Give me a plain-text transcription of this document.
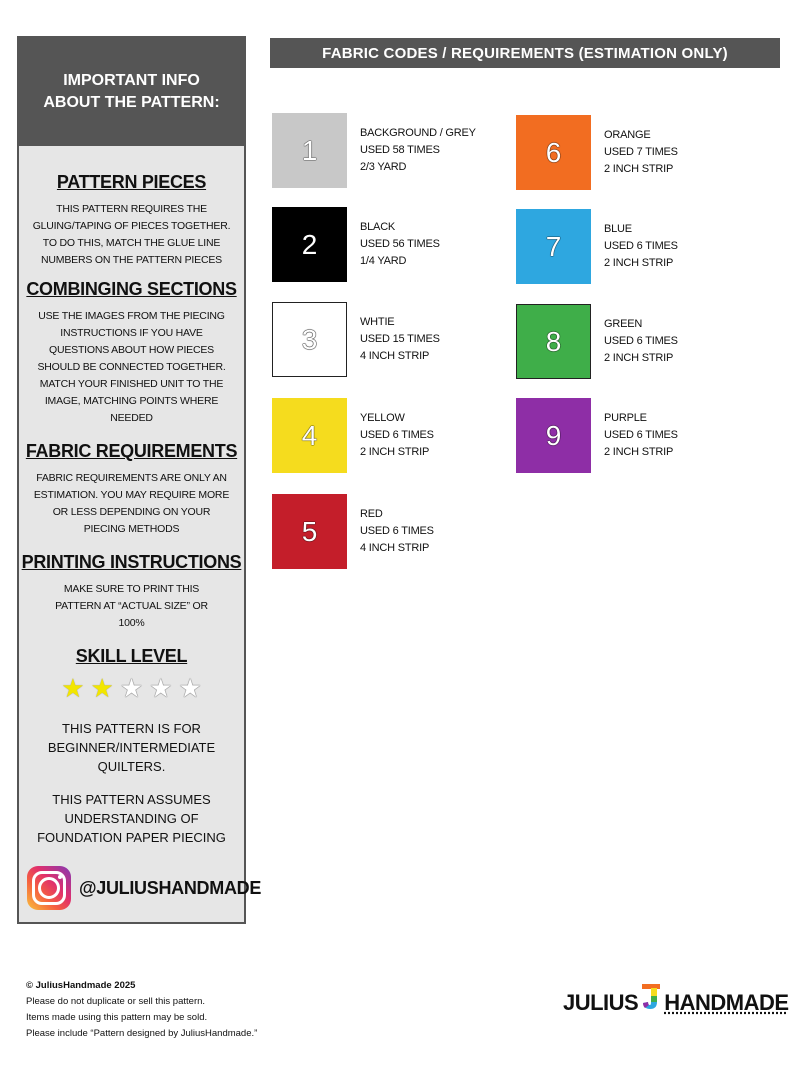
IMPORTANT INFO ABOUT THE PATTERN:
PATTERN PIECES
THIS PATTERN REQUIRES THE GLUING/TAPING OF PIECES TOGETHER. TO DO THIS, MATCH THE GLUE LINE NUMBERS ON THE PATTERN PIECES
COMBINGING SECTIONS
USE THE IMAGES FROM THE PIECING INSTRUCTIONS IF YOU HAVE QUESTIONS ABOUT HOW PIECES SHOULD BE CONNECTED TOGETHER. MATCH YOUR FINISHED UNIT TO THE IMAGE, MATCHING POINTS WHERE NEEDED
FABRIC REQUIREMENTS
FABRIC REQUIREMENTS ARE ONLY AN ESTIMATION. YOU MAY REQUIRE MORE OR LESS DEPENDING ON YOUR PIECING METHODS
PRINTING INSTRUCTIONS
MAKE SURE TO PRINT THIS PATTERN AT “ACTUAL SIZE” OR 100%
SKILL LEVEL
★ ★ ★ ★ ★
THIS PATTERN IS FOR BEGINNER/INTERMEDIATE QUILTERS.
THIS PATTERN ASSUMES UNDERSTANDING OF FOUNDATION PAPER PIECING
@JULIUSHANDMADE
FABRIC CODES / REQUIREMENTS (ESTIMATION ONLY)
1
BACKGROUND / GREY
USED 58 TIMES
2/3 YARD
2
BLACK
USED 56 TIMES
1/4 YARD
3
WHTIE
USED 15 TIMES
4 INCH STRIP
4
YELLOW
USED 6 TIMES
2 INCH STRIP
5
RED
USED 6 TIMES
4 INCH STRIP
6
ORANGE
USED 7 TIMES
2 INCH STRIP
7
BLUE
USED 6 TIMES
2 INCH STRIP
8
GREEN
USED 6 TIMES
2 INCH STRIP
9
PURPLE
USED 6 TIMES
2 INCH STRIP
© JuliusHandmade 2025
Please do not duplicate or sell this pattern.
Items made using this pattern may be sold.
Please include “Pattern designed by JuliusHandmade.”
JULIUS HANDMADE
